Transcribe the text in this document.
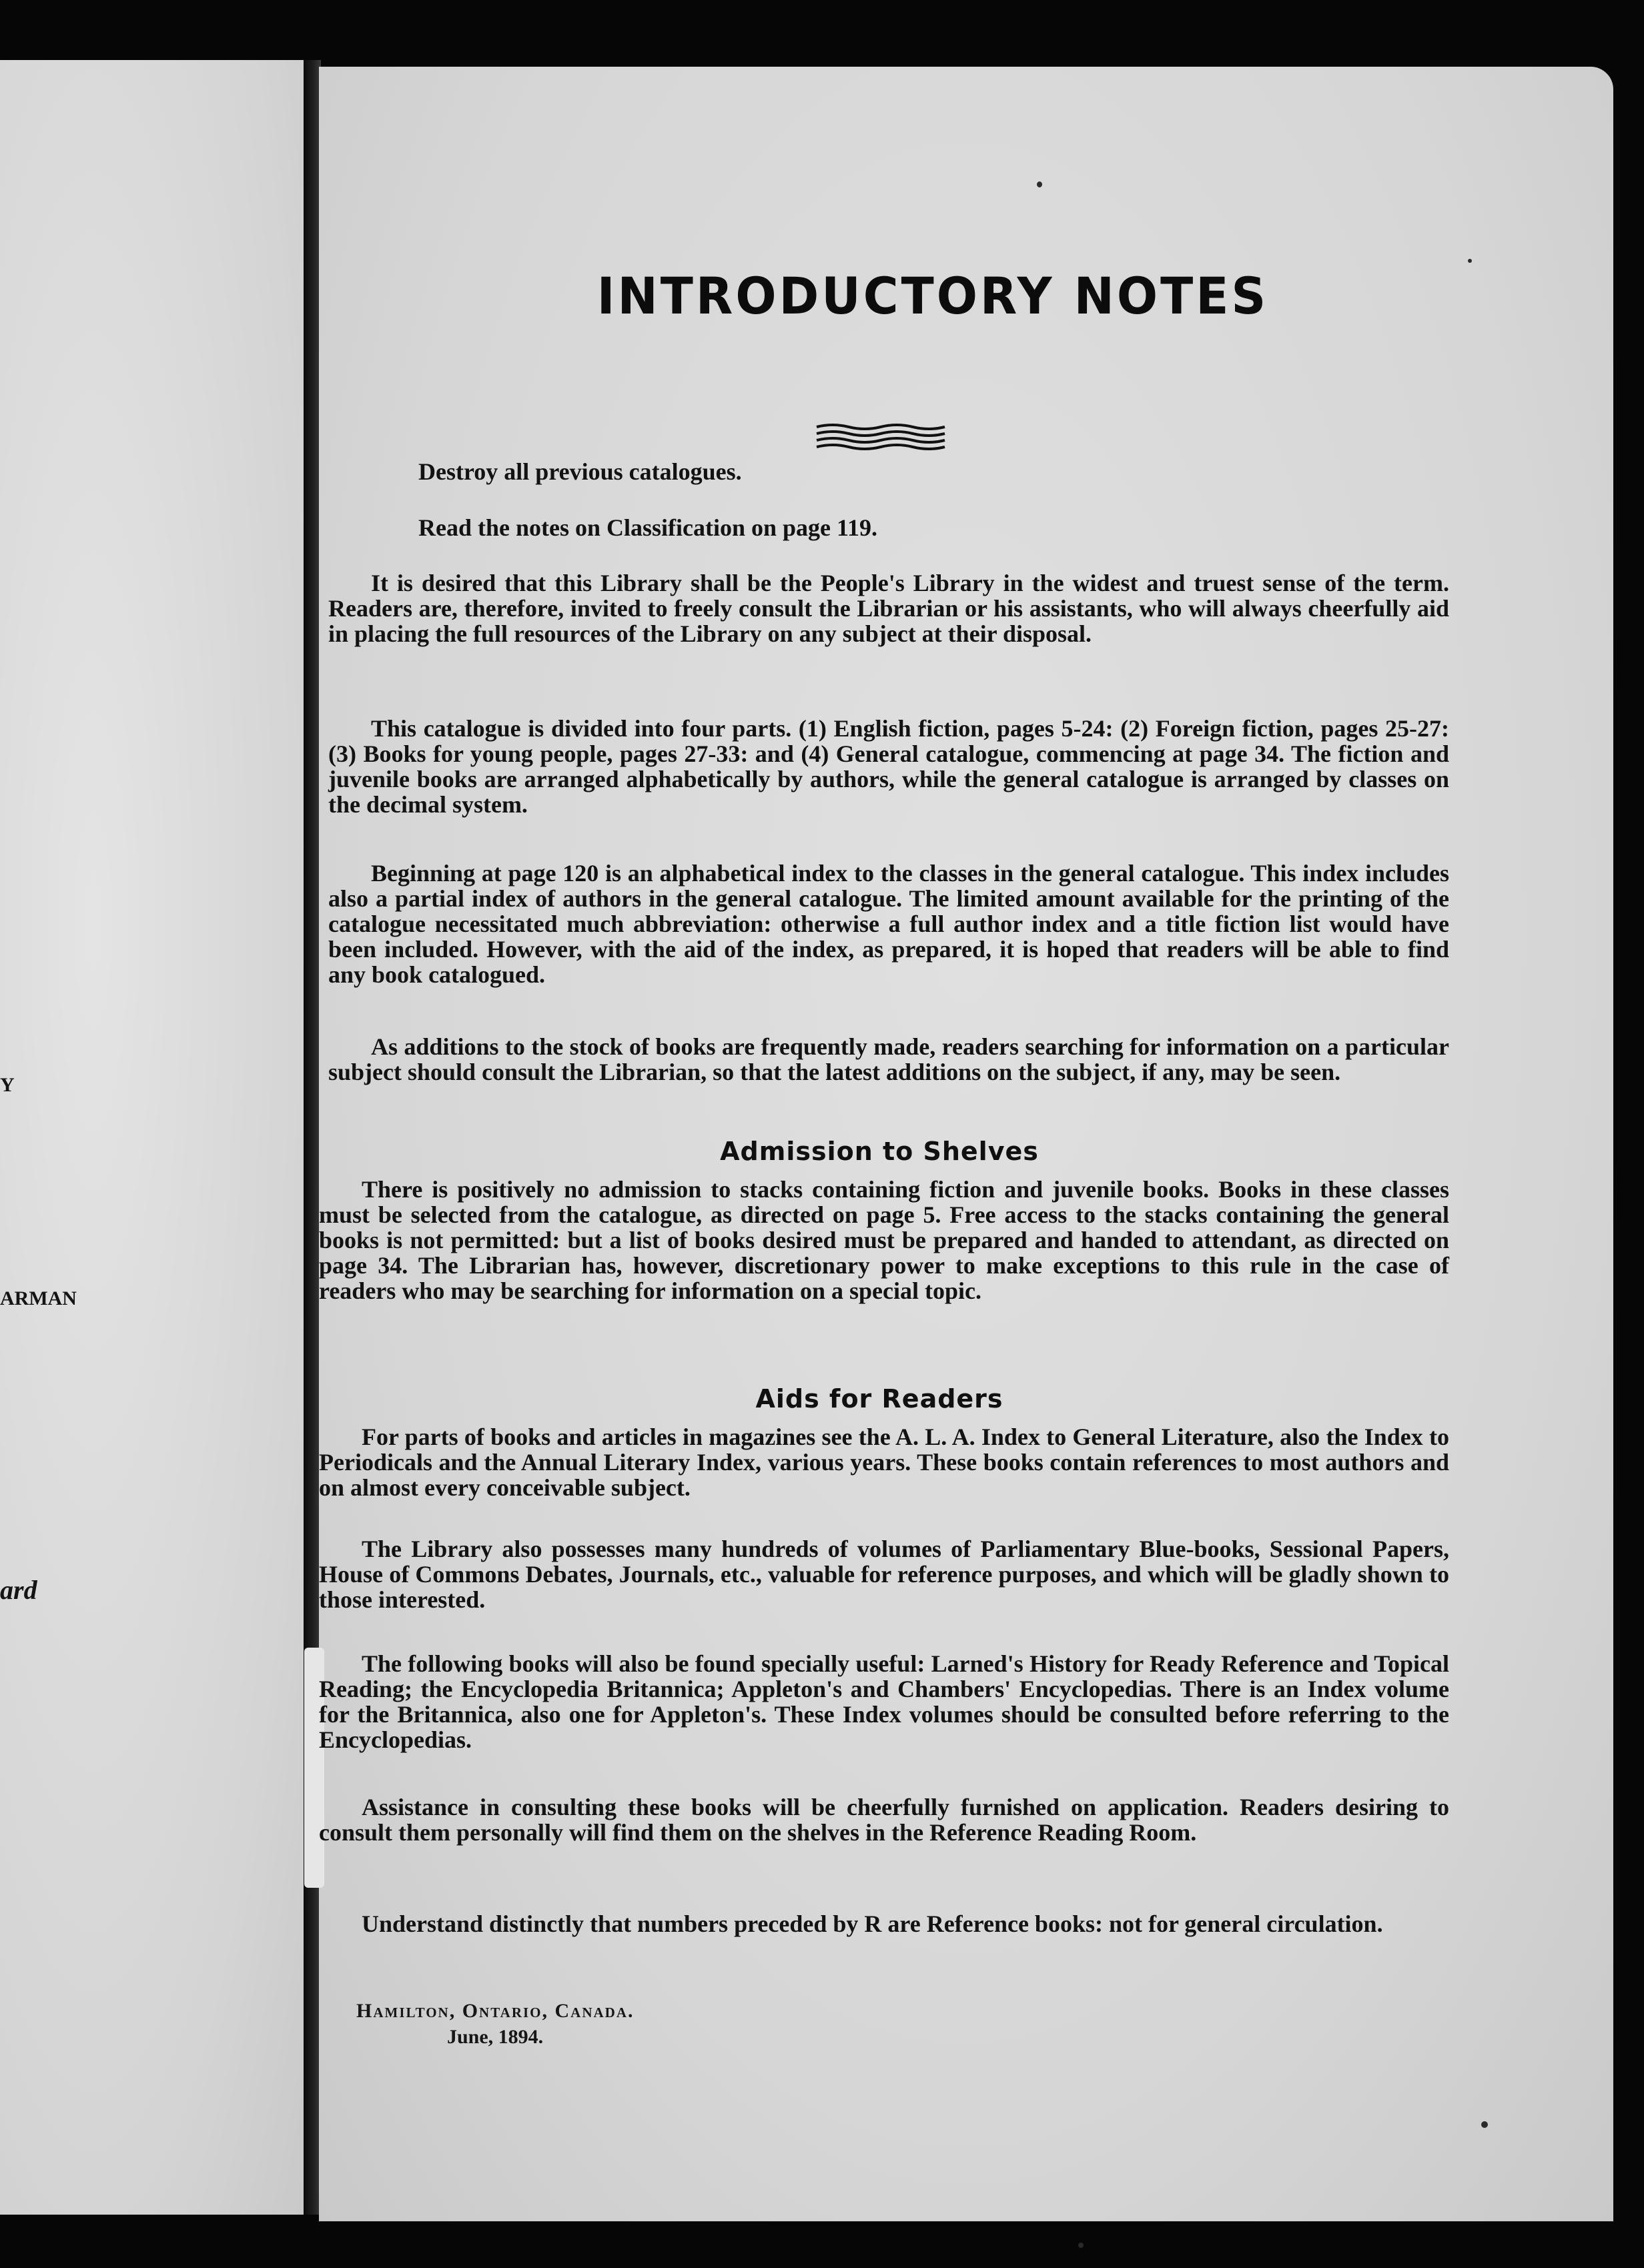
Y
ARMAN
ard
INTRODUCTORY NOTES
Destroy all previous catalogues.
Read the notes on Classification on page 119.
It is desired that this Library shall be the People's Library in the widest and truest sense of the term. Readers are, therefore, invited to freely consult the Librarian or his assistants, who will always cheerfully aid in placing the full resources of the Library on any subject at their disposal.
This catalogue is divided into four parts. (1) English fiction, pages 5-24: (2) Foreign fiction, pages 25-27: (3) Books for young people, pages 27-33: and (4) General catalogue, commencing at page 34. The fiction and juvenile books are arranged alphabetically by authors, while the general catalogue is arranged by classes on the decimal system.
Beginning at page 120 is an alphabetical index to the classes in the general catalogue. This index includes also a partial index of authors in the general catalogue. The limited amount available for the printing of the catalogue necessitated much abbreviation: otherwise a full author index and a title fiction list would have been included. However, with the aid of the index, as prepared, it is hoped that readers will be able to find any book catalogued.
As additions to the stock of books are frequently made, readers searching for information on a particular subject should consult the Librarian, so that the latest additions on the subject, if any, may be seen.
Admission to Shelves
There is positively no admission to stacks containing fiction and juvenile books. Books in these classes must be selected from the catalogue, as directed on page 5. Free access to the stacks containing the general books is not permitted: but a list of books desired must be prepared and handed to attendant, as directed on page 34. The Librarian has, however, discretionary power to make exceptions to this rule in the case of readers who may be searching for information on a special topic.
Aids for Readers
For parts of books and articles in magazines see the A. L. A. Index to General Literature, also the Index to Periodicals and the Annual Literary Index, various years. These books contain references to most authors and on almost every conceivable subject.
The Library also possesses many hundreds of volumes of Parliamentary Blue-books, Sessional Papers, House of Commons Debates, Journals, etc., valuable for reference purposes, and which will be gladly shown to those interested.
The following books will also be found specially useful: Larned's History for Ready Reference and Topical Reading; the Encyclopedia Britannica; Appleton's and Chambers' Encyclopedias. There is an Index volume for the Britannica, also one for Appleton's. These Index volumes should be consulted before referring to the Encyclopedias.
Assistance in consulting these books will be cheerfully furnished on application. Readers desiring to consult them personally will find them on the shelves in the Reference Reading Room.
Understand distinctly that numbers preceded by R are Reference books: not for general circulation.
Hamilton, Ontario, Canada.
June, 1894.
